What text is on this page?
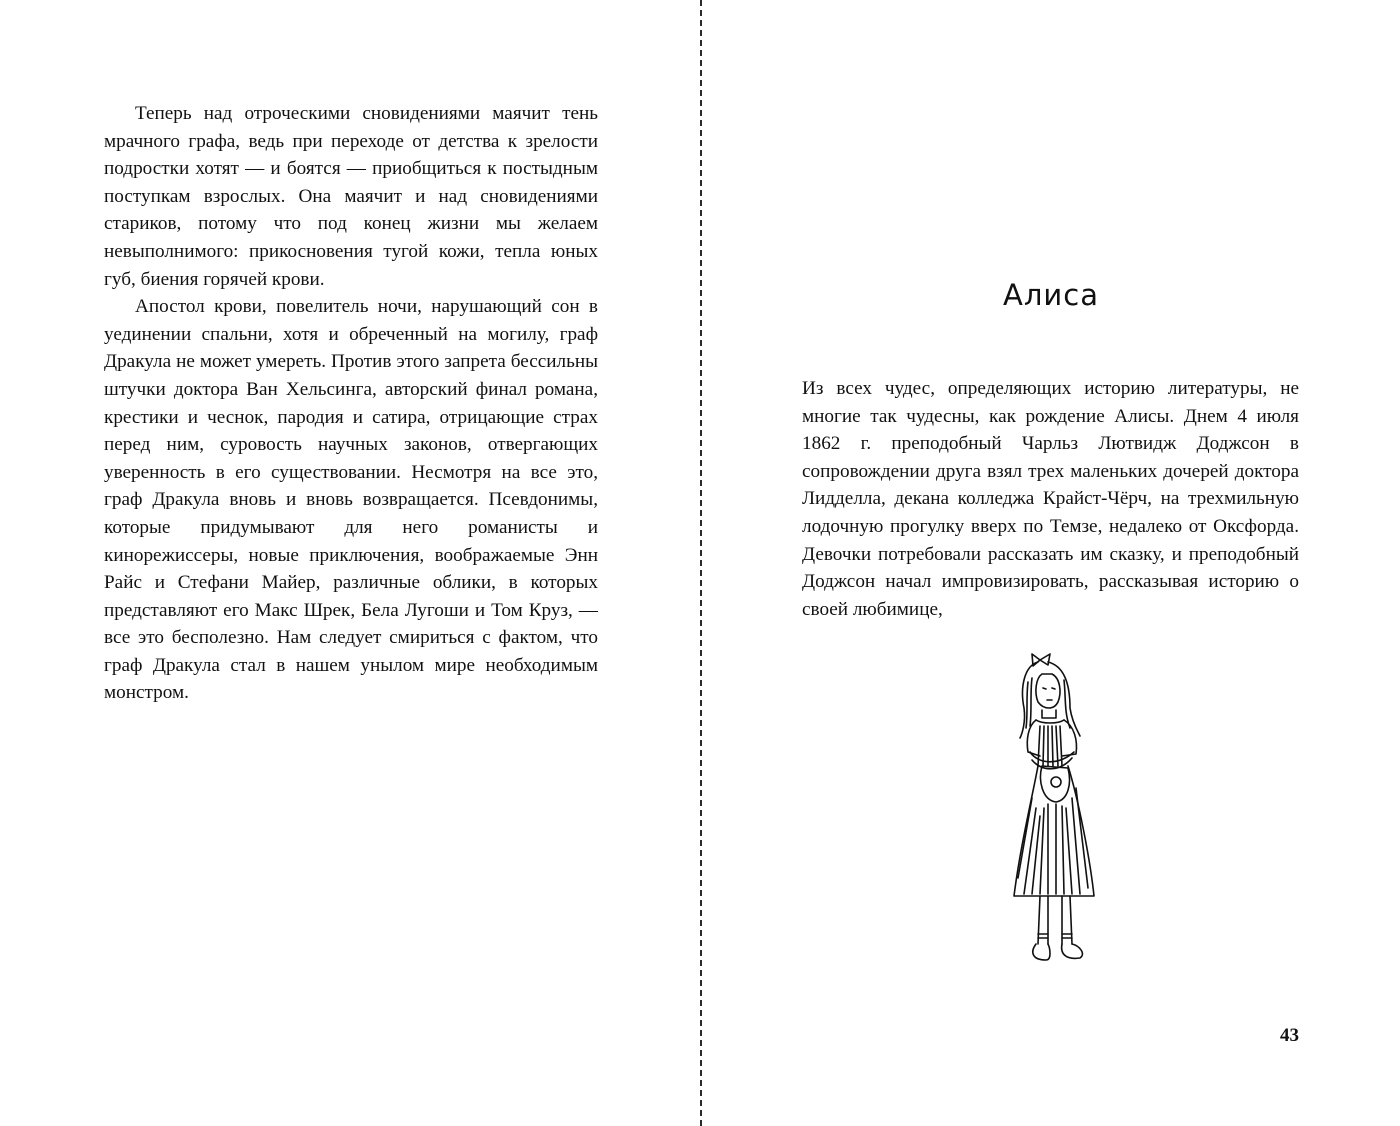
Теперь над отроческими сновидениями маячит тень мрачного графа, ведь при переходе от детства к зрелости подростки хотят — и боятся — приобщиться к постыдным поступкам взрослых. Она маячит и над сновидениями стариков, потому что под конец жизни мы желаем невыполнимого: прикосновения тугой кожи, тепла юных губ, биения горячей крови.

Апостол крови, повелитель ночи, нарушающий сон в уединении спальни, хотя и обреченный на могилу, граф Дракула не может умереть. Против этого запрета бессильны штучки доктора Ван Хельсинга, авторский финал романа, крестики и чеснок, пародия и сатира, отрицающие страх перед ним, суровость научных законов, отвергающих уверенность в его существовании. Несмотря на все это, граф Дракула вновь и вновь возвращается. Псевдонимы, которые придумывают для него романисты и кинорежиссеры, новые приключения, воображаемые Энн Райс и Стефани Майер, различные облики, в которых представляют его Макс Шрек, Бела Лугоши и Том Круз, — все это бесполезно. Нам следует смириться с фактом, что граф Дракула стал в нашем унылом мире необходимым монстром.

Алиса

Из всех чудес, определяющих историю литературы, не многие так чудесны, как рождение Алисы. Днем 4 июля 1862 г. преподобный Чарльз Лютвидж Доджсон в сопровождении друга взял трех маленьких дочерей доктора Лидделла, декана колледжа Крайст-Чёрч, на трехмильную лодочную прогулку вверх по Темзе, недалеко от Оксфорда. Девочки потребовали рассказать им сказку, и преподобный Доджсон начал импровизировать, рассказывая историю о своей любимице,

43
